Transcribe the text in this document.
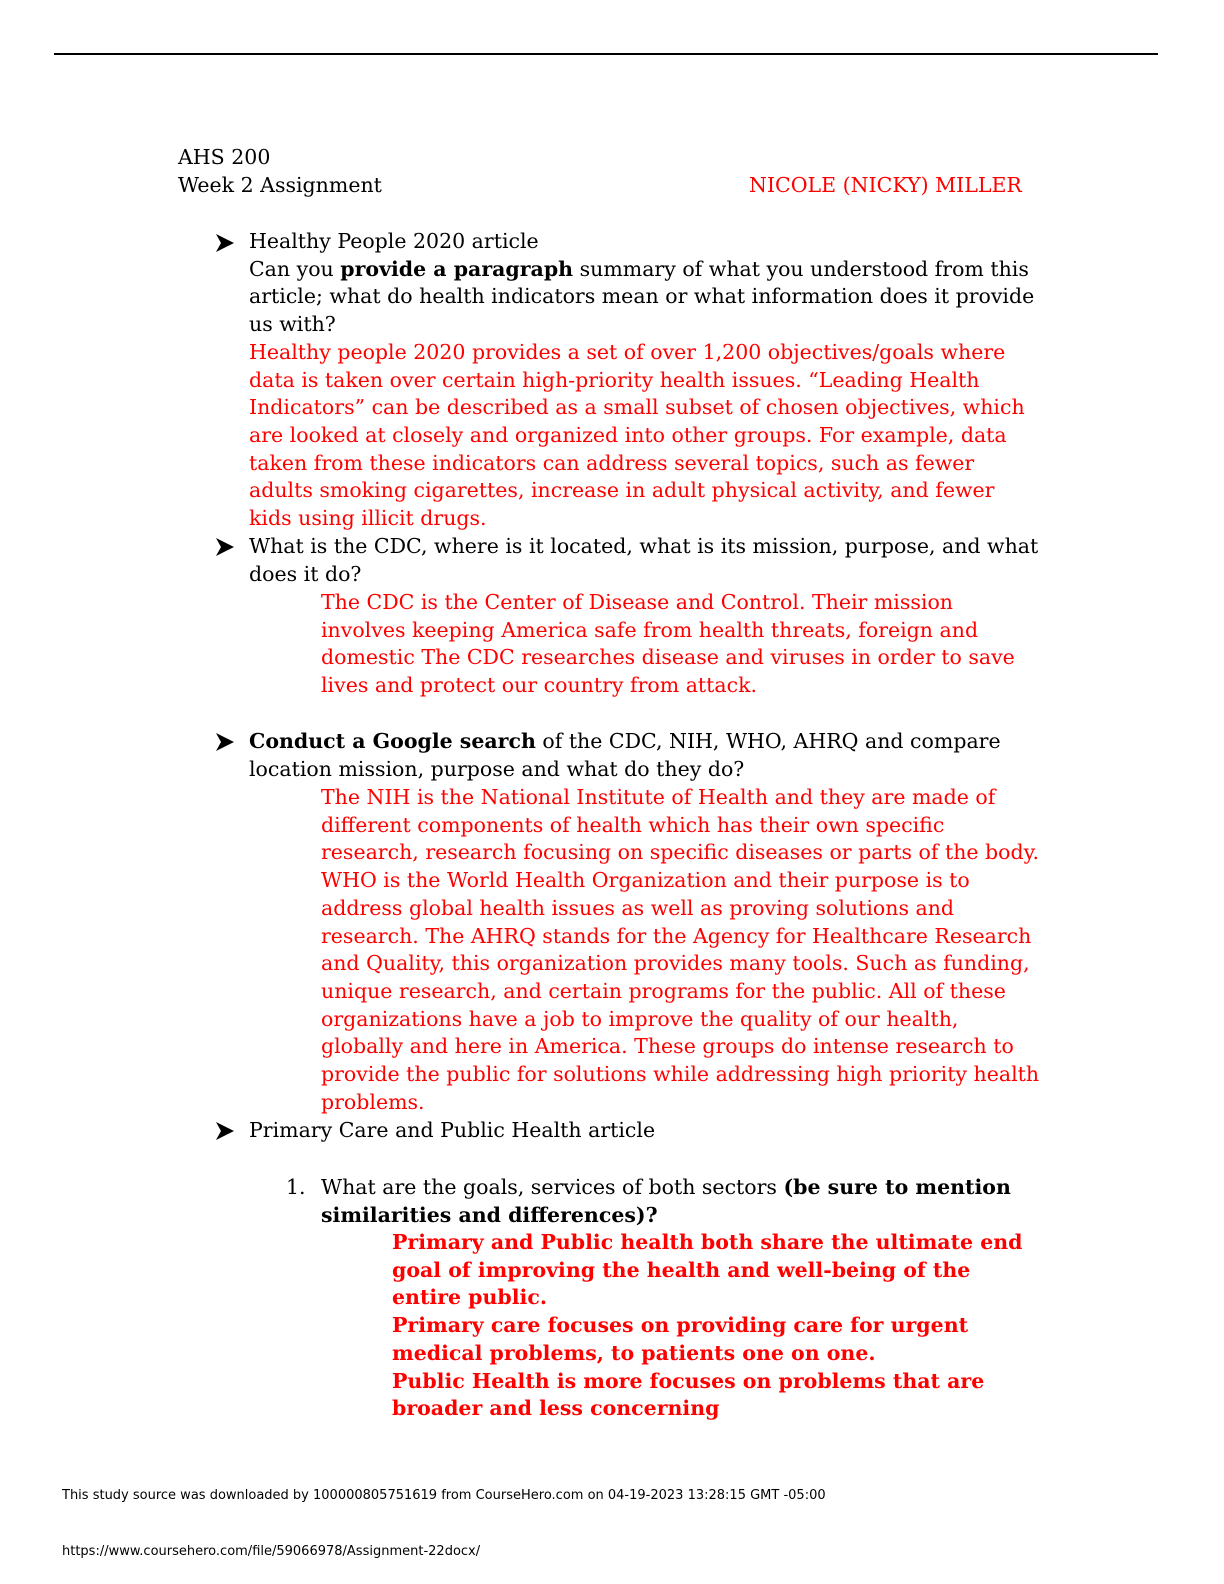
AHS 200
Week 2 Assignment	NICOLE (NICKY) MILLER

Healthy People 2020 article

Can you provide a paragraph summary of what you understood from this article; what do health indicators mean or what information does it provide us with?

Healthy people 2020 provides a set of over 1,200 objectives/goals where data is taken over certain high-priority health issues. “Leading Health Indicators” can be described as a small subset of chosen objectives, which are looked at closely and organized into other groups. For example, data taken from these indicators can address several topics, such as fewer adults smoking cigarettes, increase in adult physical activity, and fewer kids using illicit drugs.

What is the CDC, where is it located, what is its mission, purpose, and what does it do?

The CDC is the Center of Disease and Control. Their mission involves keeping America safe from health threats, foreign and domestic The CDC researches disease and viruses in order to save lives and protect our country from attack.

Conduct a Google search of the CDC, NIH, WHO, AHRQ and compare location mission, purpose and what do they do?

The NIH is the National Institute of Health and they are made of different components of health which has their own specific research, research focusing on specific diseases or parts of the body. WHO is the World Health Organization and their purpose is to address global health issues as well as proving solutions and research. The AHRQ stands for the Agency for Healthcare Research and Quality, this organization provides many tools. Such as funding, unique research, and certain programs for the public. All of these organizations have a job to improve the quality of our health, globally and here in America. These groups do intense research to provide the public for solutions while addressing high priority health problems.

Primary Care and Public Health article

1. What are the goals, services of both sectors (be sure to mention similarities and differences)?

Primary and Public health both share the ultimate end goal of improving the health and well-being of the entire public.

Primary care focuses on providing care for urgent medical problems, to patients one on one.

Public Health is more focuses on problems that are broader and less concerning

This study source was downloaded by 100000805751619 from CourseHero.com on 04-19-2023 13:28:15 GMT -05:00
https://www.coursehero.com/file/59066978/Assignment-22docx/
